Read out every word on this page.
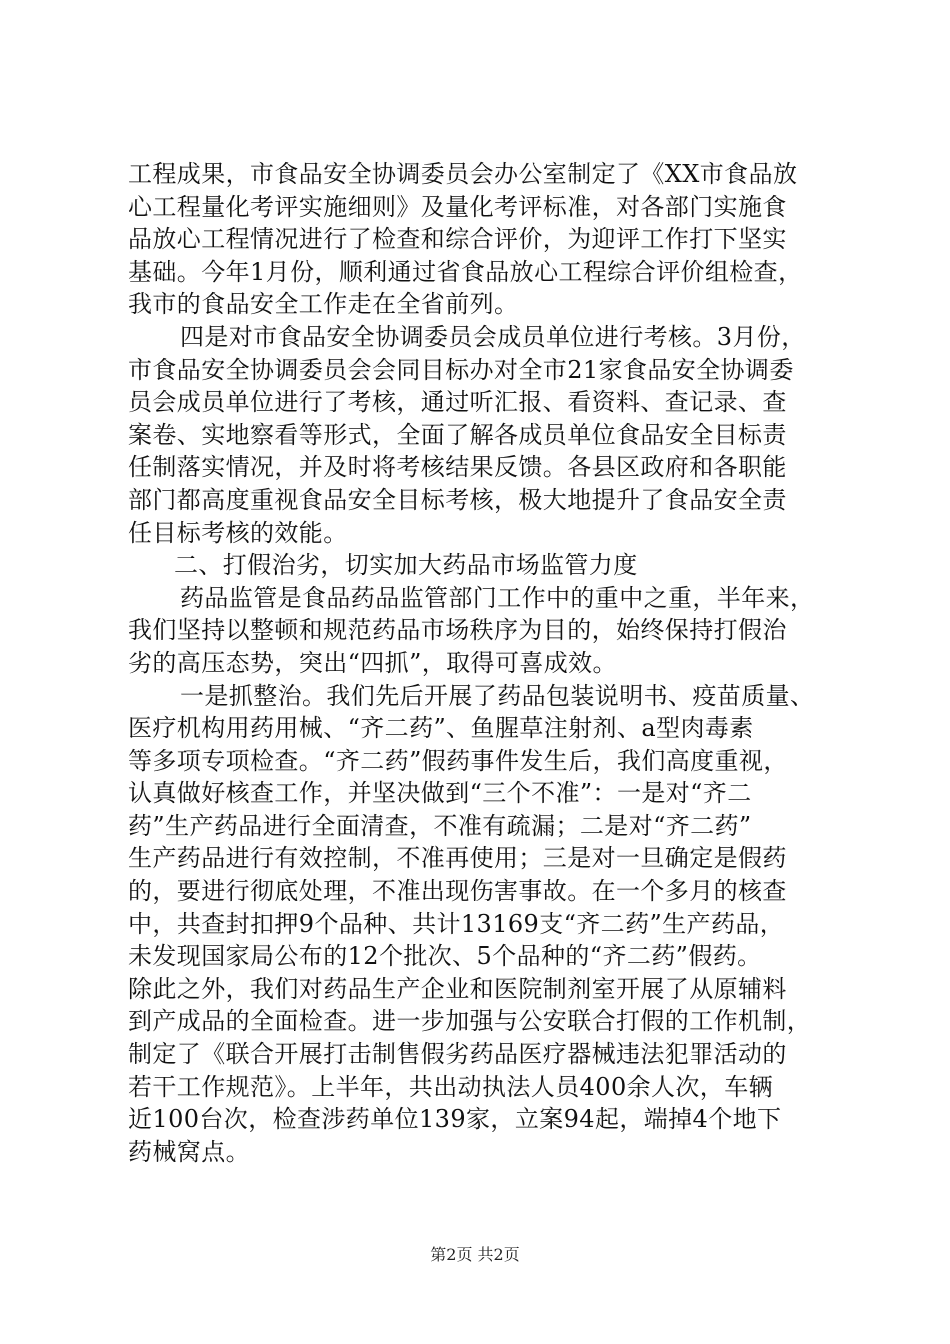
工程成果，市食品安全协调委员会办公室制定了《XX市食品放
心工程量化考评实施细则》及量化考评标准，对各部门实施食
品放心工程情况进行了检查和综合评价，为迎评工作打下坚实
基础。今年1月份，顺利通过省食品放心工程综合评价组检查，
我市的食品安全工作走在全省前列。
四是对市食品安全协调委员会成员单位进行考核。3月份，
市食品安全协调委员会会同目标办对全市21家食品安全协调委
员会成员单位进行了考核，通过听汇报、看资料、查记录、查
案卷、实地察看等形式，全面了解各成员单位食品安全目标责
任制落实情况，并及时将考核结果反馈。各县区政府和各职能
部门都高度重视食品安全目标考核，极大地提升了食品安全责
任目标考核的效能。
二、打假治劣，切实加大药品市场监管力度
药品监管是食品药品监管部门工作中的重中之重，半年来，
我们坚持以整顿和规范药品市场秩序为目的，始终保持打假治
劣的高压态势，突出“四抓”，取得可喜成效。
一是抓整治。我们先后开展了药品包装说明书、疫苗质量、
医疗机构用药用械、“齐二药”、鱼腥草注射剂、a型肉毒素
等多项专项检查。“齐二药”假药事件发生后，我们高度重视，
认真做好核查工作，并坚决做到“三个不准”：一是对“齐二
药”生产药品进行全面清查，不准有疏漏；二是对“齐二药”
生产药品进行有效控制，不准再使用；三是对一旦确定是假药
的，要进行彻底处理，不准出现伤害事故。在一个多月的核查
中，共查封扣押9个品种、共计13169支“齐二药”生产药品，
未发现国家局公布的12个批次、5个品种的“齐二药”假药。
除此之外，我们对药品生产企业和医院制剂室开展了从原辅料
到产成品的全面检查。进一步加强与公安联合打假的工作机制，
制定了《联合开展打击制售假劣药品医疗器械违法犯罪活动的
若干工作规范》。上半年，共出动执法人员400余人次，车辆
近100台次，检查涉药单位139家，立案94起，端掉4个地下
药械窝点。
第2页 共2页
